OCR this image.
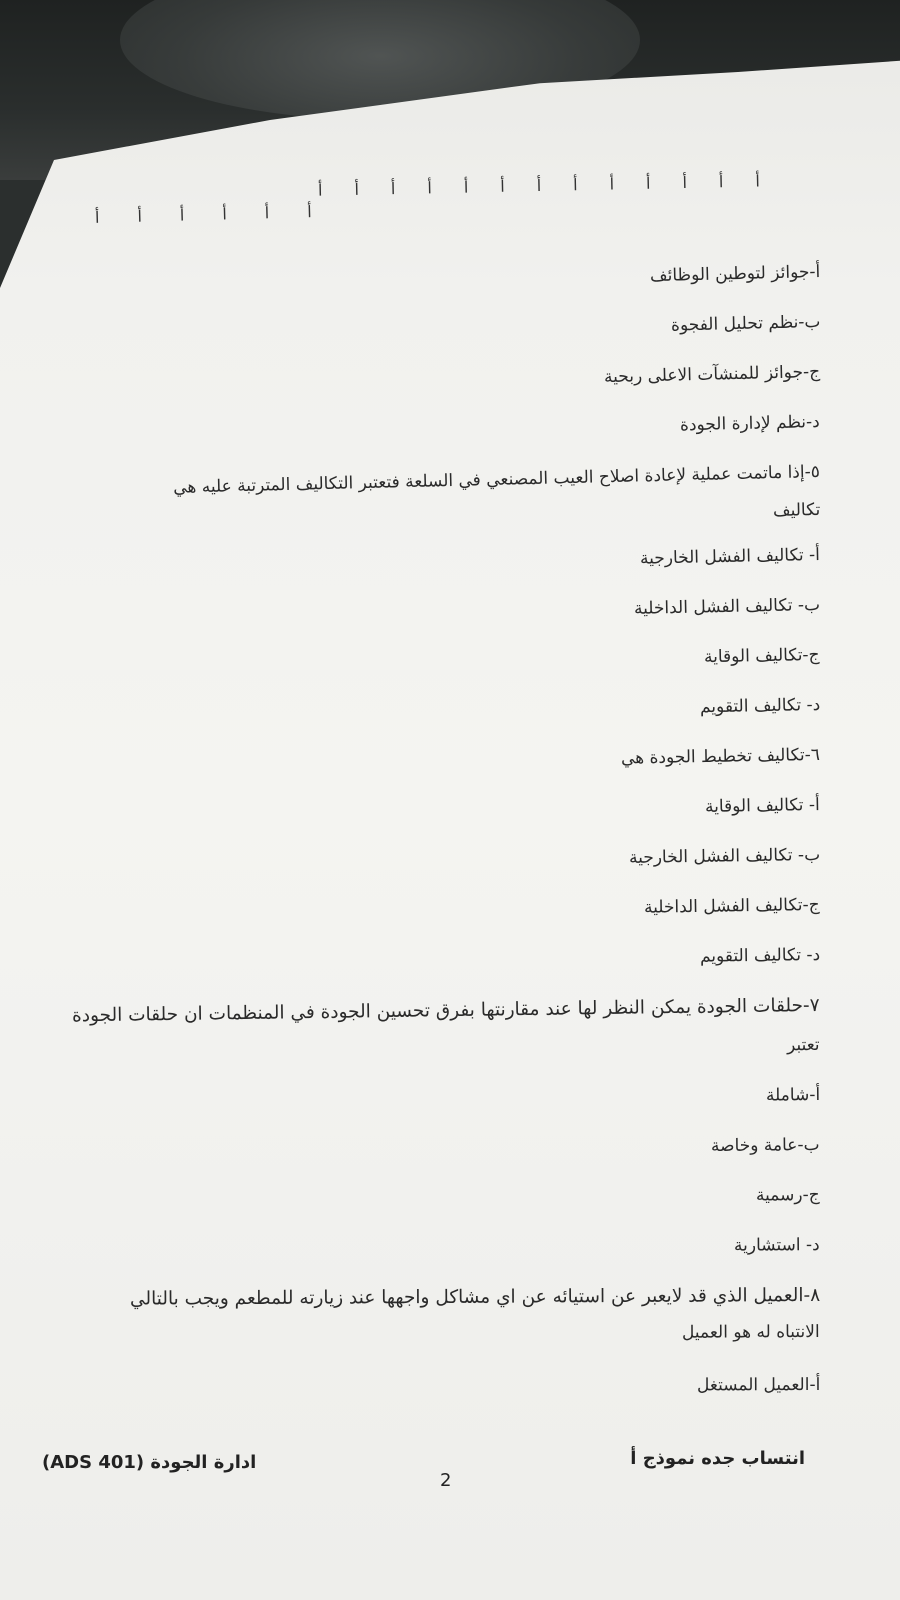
أ
أ
أ
أ
أ
أ
أ
أ
أ
أ
أ
أ
أ
أ
أ
أ
أ
أ
أ
أ-جوائز لتوطين الوظائف
ب-نظم تحليل الفجوة
ج-جوائز للمنشآت الاعلى ربحية
د-نظم لإدارة الجودة
٥-إذا ماتمت عملية لإعادة اصلاح العيب المصنعي في السلعة فتعتبر التكاليف المترتبة عليه هي
تكاليف
أ- تكاليف الفشل الخارجية
ب- تكاليف الفشل الداخلية
ج-تكاليف الوقاية
د- تكاليف التقويم
٦-تكاليف تخطيط الجودة هي
أ- تكاليف الوقاية
ب- تكاليف الفشل الخارجية
ج-تكاليف الفشل الداخلية
د- تكاليف التقويم
٧-حلقات الجودة يمكن النظر لها عند مقارنتها بفرق تحسين الجودة في المنظمات ان حلقات الجودة
تعتبر
أ-شاملة
ب-عامة وخاصة
ج-رسمية
د- استشارية
٨-العميل الذي قد لايعبر عن استيائه عن اي مشاكل واجهها عند زيارته للمطعم ويجب بالتالي
الانتباه له هو العميل
أ-العميل المستغل
انتساب جده نموذج أ
2
ادارة الجودة (ADS 401)
